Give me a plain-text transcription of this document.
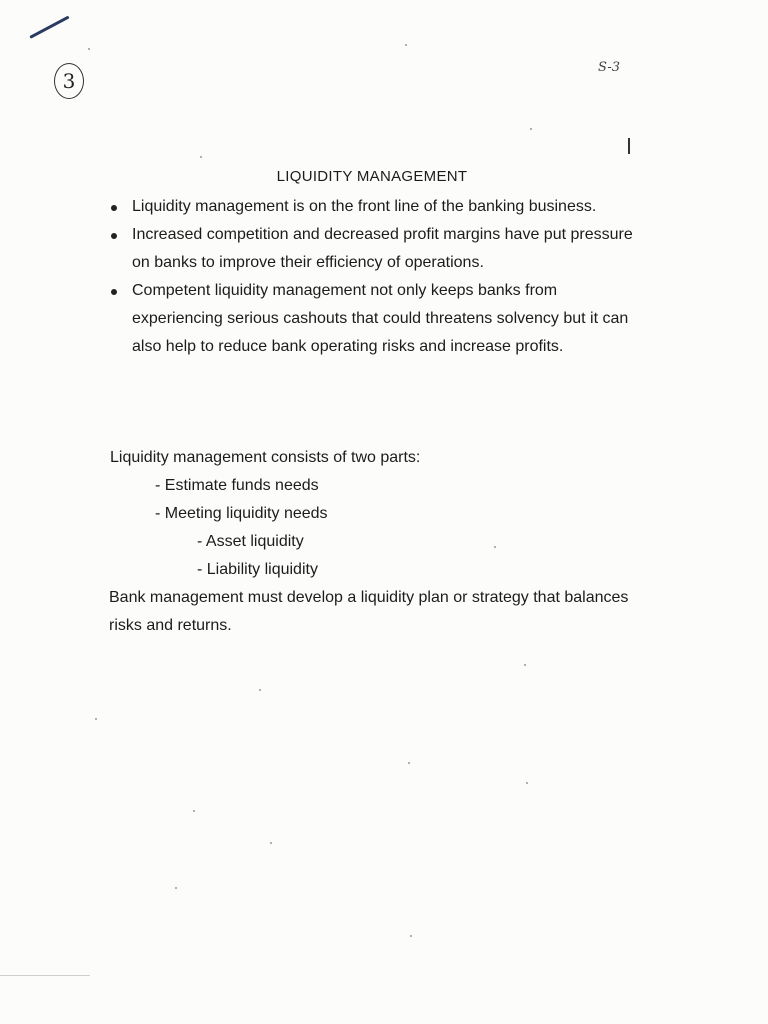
3
S-3
LIQUIDITY MANAGEMENT
Liquidity management is on the front line of the banking business.
Increased competition and decreased profit margins have put pressure on banks to improve their efficiency of operations.
Competent liquidity management not only keeps banks from experiencing serious cashouts that could threatens solvency but it can also help to reduce bank operating risks and increase profits.
Liquidity management consists of two parts:
- Estimate funds needs
- Meeting liquidity needs
- Asset liquidity
- Liability liquidity
Bank management must develop a liquidity plan or strategy that balances risks and returns.
